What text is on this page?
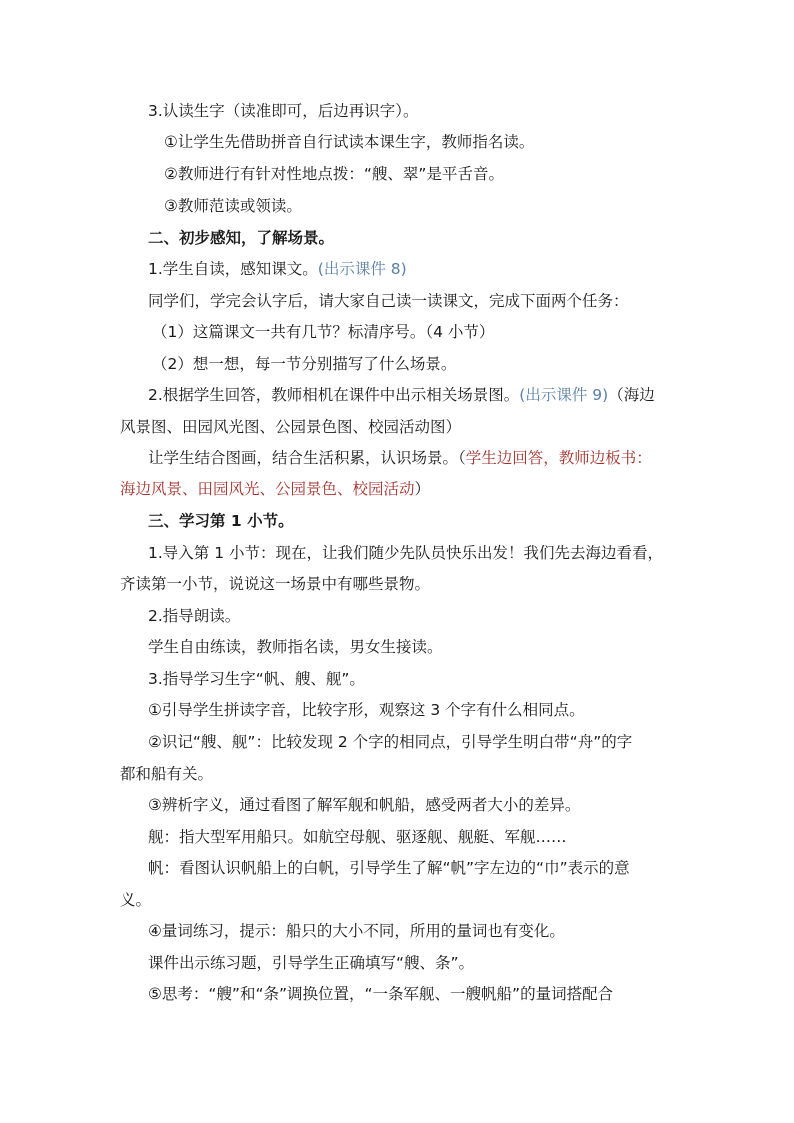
3.认读生字（读准即可，后边再识字）。
①让学生先借助拼音自行试读本课生字，教师指名读。
②教师进行有针对性地点拨：“艘、翠”是平舌音。
③教师范读或领读。
二、初步感知，了解场景。
1.学生自读，感知课文。(出示课件 8)
同学们，学完会认字后，请大家自己读一读课文，完成下面两个任务：
（1）这篇课文一共有几节？标清序号。（4 小节）
（2）想一想，每一节分别描写了什么场景。
2.根据学生回答，教师相机在课件中出示相关场景图。(出示课件 9)（海边
风景图、田园风光图、公园景色图、校园活动图）
让学生结合图画，结合生活积累，认识场景。（学生边回答，教师边板书：
海边风景、田园风光、公园景色、校园活动）
三、学习第 1 小节。
1.导入第 1 小节：现在，让我们随少先队员快乐出发！我们先去海边看看，
齐读第一小节，说说这一场景中有哪些景物。
2.指导朗读。
学生自由练读，教师指名读，男女生接读。
3.指导学习生字“帆、艘、舰”。
①引导学生拼读字音，比较字形，观察这 3 个字有什么相同点。
②识记“艘、舰”：比较发现 2 个字的相同点，引导学生明白带“舟”的字
都和船有关。
③辨析字义，通过看图了解军舰和帆船，感受两者大小的差异。
舰：指大型军用船只。如航空母舰、驱逐舰、舰艇、军舰……
帆：看图认识帆船上的白帆，引导学生了解“帆”字左边的“巾”表示的意
义。
④量词练习，提示：船只的大小不同，所用的量词也有变化。
课件出示练习题，引导学生正确填写“艘、条”。
⑤思考：“艘”和“条”调换位置，“一条军舰、一艘帆船”的量词搭配合
